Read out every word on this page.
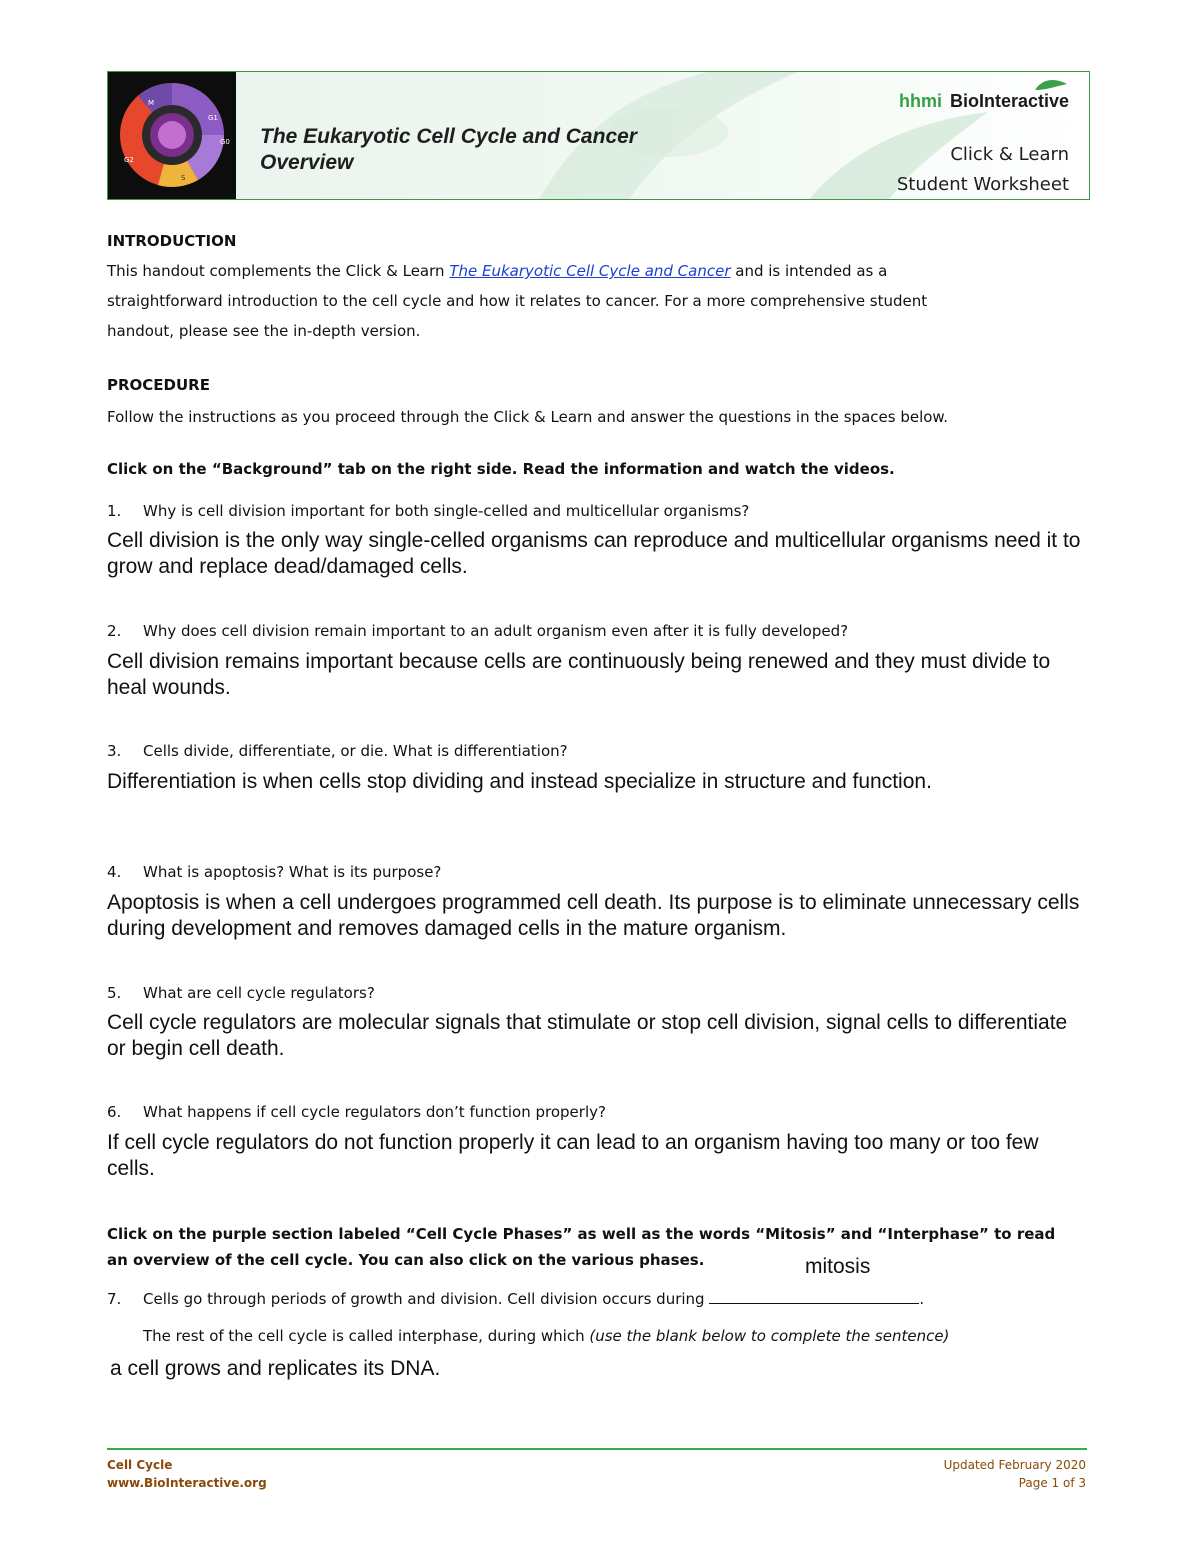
M
G1
G0
S
G2
The Eukaryotic Cell Cycle and Cancer
Overview
hhmi BioInteractive
Click & Learn
Student Worksheet
INTRODUCTION
This handout complements the Click & Learn The Eukaryotic Cell Cycle and Cancer and is intended as a
straightforward introduction to the cell cycle and how it relates to cancer. For a more comprehensive student
handout, please see the in-depth version.
PROCEDURE
Follow the instructions as you proceed through the Click & Learn and answer the questions in the spaces below.
Click on the “Background” tab on the right side. Read the information and watch the videos.
1. Why is cell division important for both single-celled and multicellular organisms?
Cell division is the only way single-celled organisms can reproduce and multicellular organisms need it to grow and replace dead/damaged cells.
2. Why does cell division remain important to an adult organism even after it is fully developed?
Cell division remains important because cells are continuously being renewed and they must divide to heal wounds.
3. Cells divide, differentiate, or die. What is differentiation?
Differentiation is when cells stop dividing and instead specialize in structure and function.
4. What is apoptosis? What is its purpose?
Apoptosis is when a cell undergoes programmed cell death. Its purpose is to eliminate unnecessary cells during development and removes damaged cells in the mature organism.
5. What are cell cycle regulators?
Cell cycle regulators are molecular signals that stimulate or stop cell division, signal cells to differentiate or begin cell death.
6. What happens if cell cycle regulators don’t function properly?
If cell cycle regulators do not function properly it can lead to an organism having too many or too few cells.
Click on the purple section labeled “Cell Cycle Phases” as well as the words “Mitosis” and “Interphase” to read
an overview of the cell cycle. You can also click on the various phases.	mitosis
7. Cells go through periods of growth and division. Cell division occurs during	.
The rest of the cell cycle is called interphase, during which (use the blank below to complete the sentence)
a cell grows and replicates its DNA.
Cell Cycle
www.BioInteractive.org
Updated February 2020
Page 1 of 3
